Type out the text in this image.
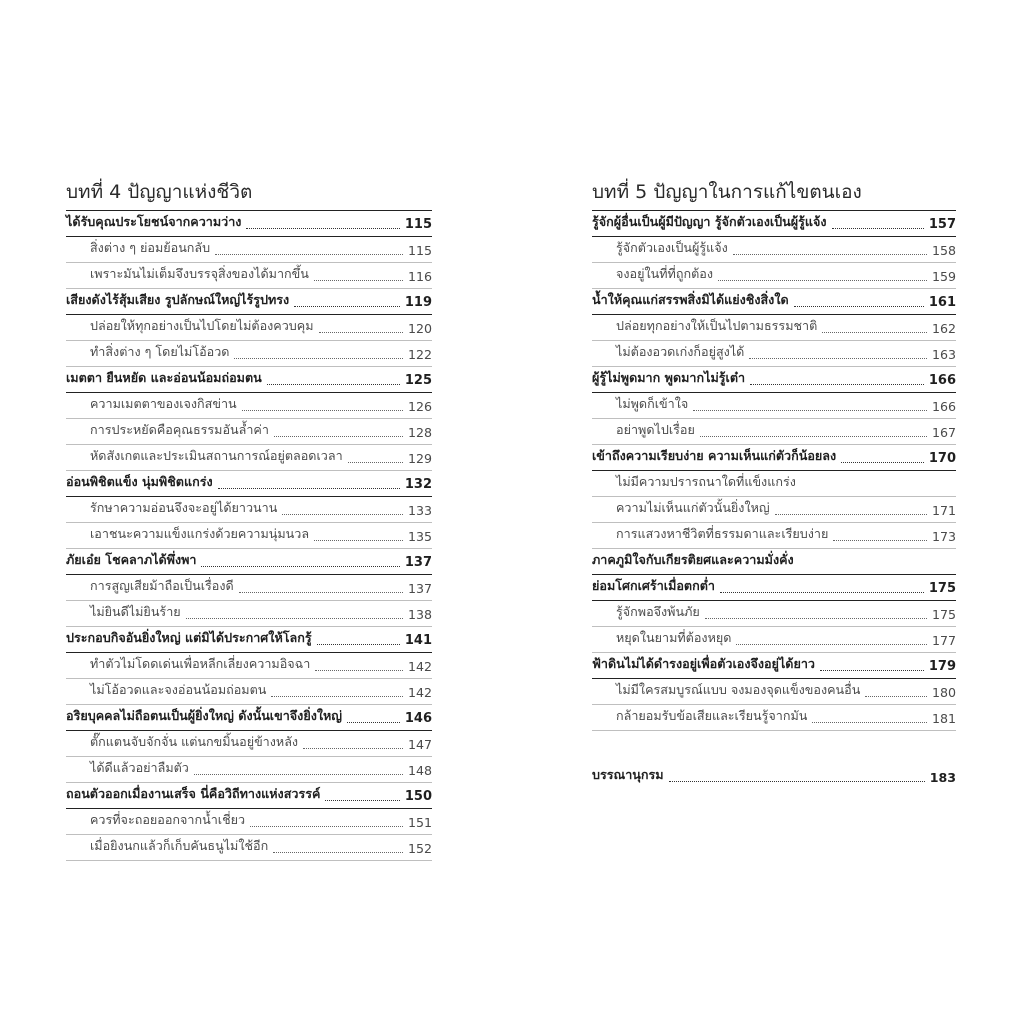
บทที่ 4 ปัญญาแห่งชีวิต
ได้รับคุณประโยชน์จากความว่าง	115
สิ่งต่าง ๆ ย่อมย้อนกลับ	115
เพราะมันไม่เต็มจึงบรรจุสิ่งของได้มากขึ้น	116
เสียงดังไร้สุ้มเสียง รูปลักษณ์ใหญ่ไร้รูปทรง	119
ปล่อยให้ทุกอย่างเป็นไปโดยไม่ต้องควบคุม	120
ทำสิ่งต่าง ๆ โดยไม่โอ้อวด	122
เมตตา ยืนหยัด และอ่อนน้อมถ่อมตน	125
ความเมตตาของเจงกิสข่าน	126
การประหยัดคือคุณธรรมอันล้ำค่า	128
หัดสังเกตและประเมินสถานการณ์อยู่ตลอดเวลา	129
อ่อนพิชิตแข็ง นุ่มพิชิตแกร่ง	132
รักษาความอ่อนจึงจะอยู่ได้ยาวนาน	133
เอาชนะความแข็งแกร่งด้วยความนุ่มนวล	135
ภัยเอ๋ย โชคลาภได้พึ่งพา	137
การสูญเสียม้าถือเป็นเรื่องดี	137
ไม่ยินดีไม่ยินร้าย	138
ประกอบกิจอันยิ่งใหญ่ แต่มิได้ประกาศให้โลกรู้	141
ทำตัวไม่โดดเด่นเพื่อหลีกเลี่ยงความอิจฉา	142
ไม่โอ้อวดและจงอ่อนน้อมถ่อมตน	142
อริยบุคคลไม่ถือตนเป็นผู้ยิ่งใหญ่ ดังนั้นเขาจึงยิ่งใหญ่	146
ตั๊กแตนจับจักจั่น แต่นกขมิ้นอยู่ข้างหลัง	147
ได้ดีแล้วอย่าลืมตัว	148
ถอนตัวออกเมื่องานเสร็จ นี่คือวิถีทางแห่งสวรรค์	150
ควรที่จะถอยออกจากน้ำเชี่ยว	151
เมื่อยิงนกแล้วก็เก็บคันธนูไม่ใช้อีก	152
บทที่ 5 ปัญญาในการแก้ไขตนเอง
รู้จักผู้อื่นเป็นผู้มีปัญญา รู้จักตัวเองเป็นผู้รู้แจ้ง	157
รู้จักตัวเองเป็นผู้รู้แจ้ง	158
จงอยู่ในที่ที่ถูกต้อง	159
น้ำให้คุณแก่สรรพสิ่งมิได้แย่งชิงสิ่งใด	161
ปล่อยทุกอย่างให้เป็นไปตามธรรมชาติ	162
ไม่ต้องอวดเก่งก็อยู่สูงได้	163
ผู้รู้ไม่พูดมาก พูดมากไม่รู้เต๋า	166
ไม่พูดก็เข้าใจ	166
อย่าพูดไปเรื่อย	167
เข้าถึงความเรียบง่าย ความเห็นแก่ตัวก็น้อยลง	170
ไม่มีความปรารถนาใดที่แข็งแกร่ง
ความไม่เห็นแก่ตัวนั้นยิ่งใหญ่	171
การแสวงหาชีวิตที่ธรรมดาและเรียบง่าย	173
ภาคภูมิใจกับเกียรติยศและความมั่งคั่ง
ย่อมโศกเศร้าเมื่อตกต่ำ	175
รู้จักพอจึงพ้นภัย	175
หยุดในยามที่ต้องหยุด	177
ฟ้าดินไม่ได้ดำรงอยู่เพื่อตัวเองจึงอยู่ได้ยาว	179
ไม่มีใครสมบูรณ์แบบ จงมองจุดแข็งของคนอื่น	180
กล้ายอมรับข้อเสียและเรียนรู้จากมัน	181
บรรณานุกรม	183
